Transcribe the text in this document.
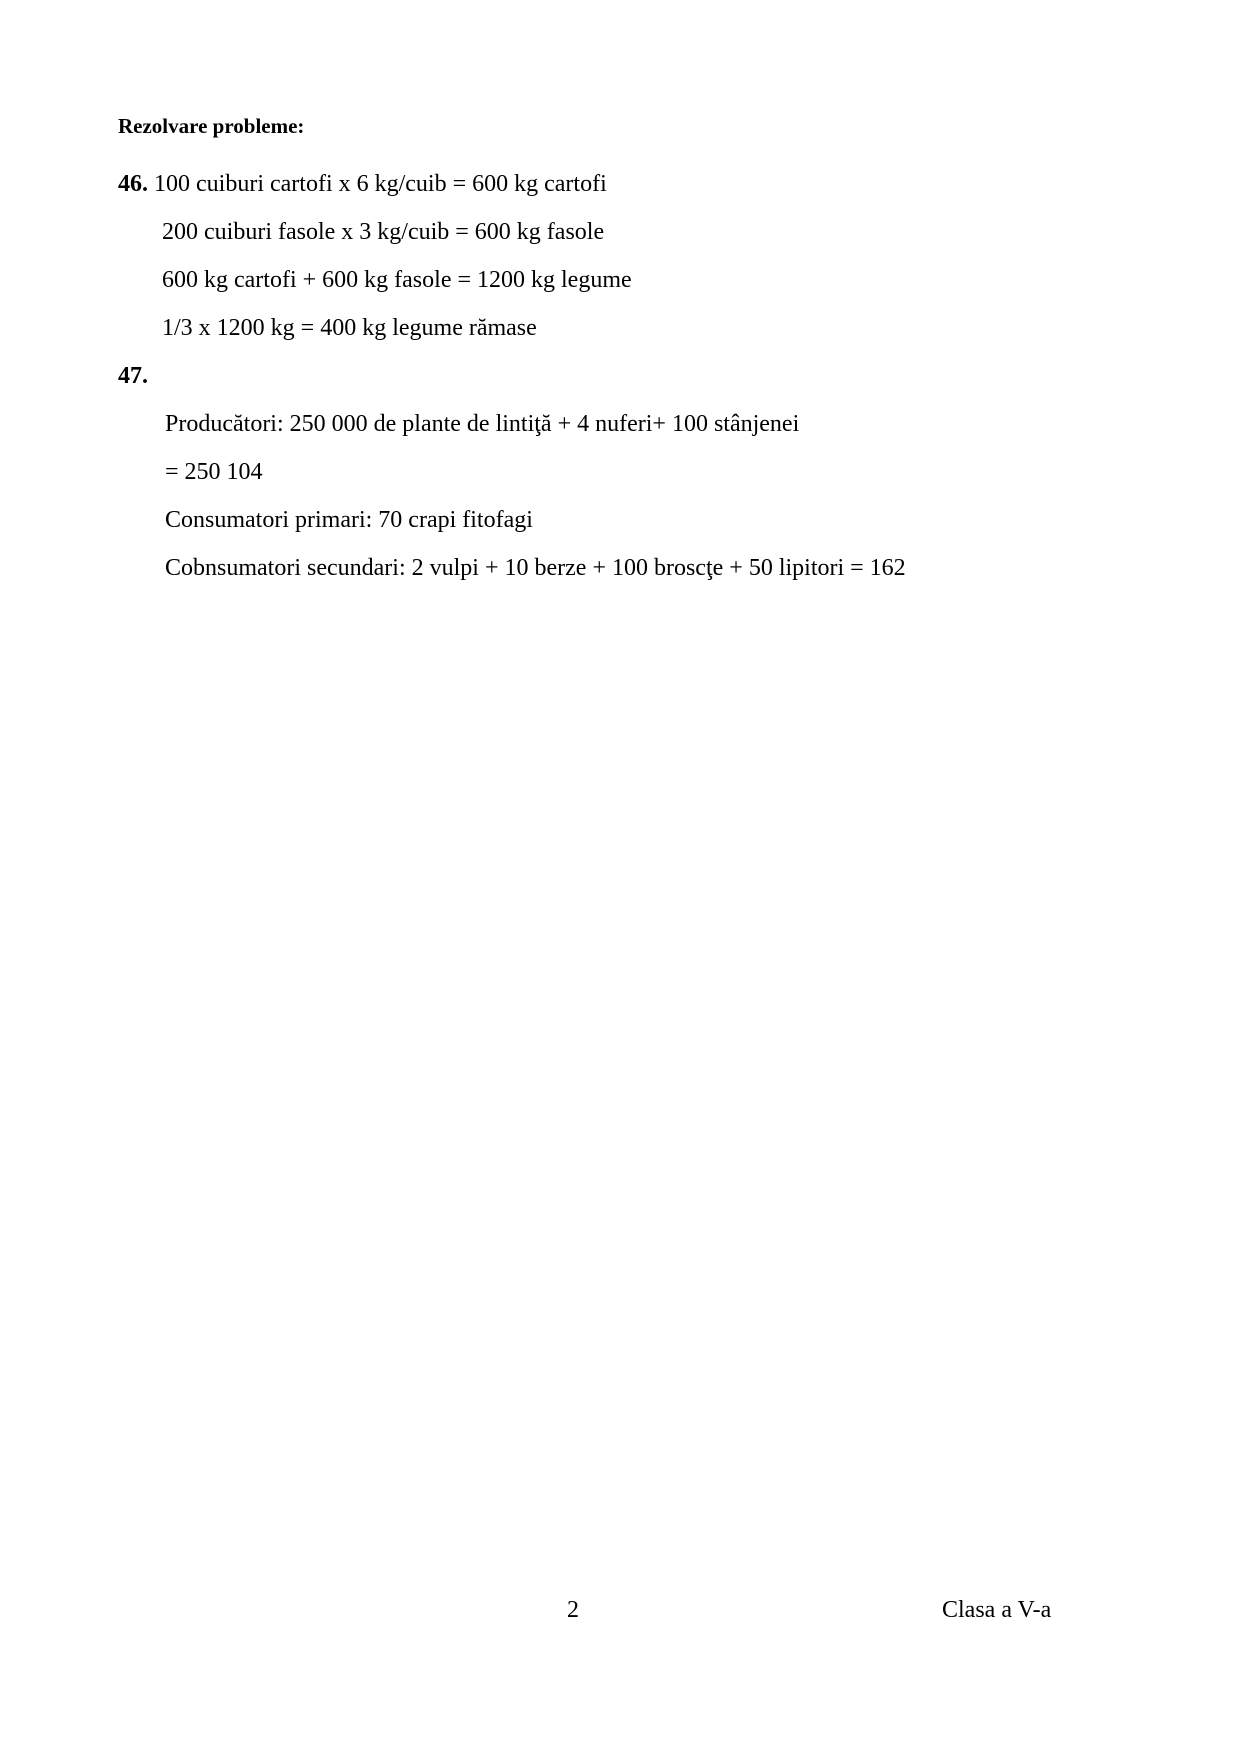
Rezolvare probleme:
46. 100 cuiburi cartofi x 6 kg/cuib = 600 kg cartofi
200 cuiburi fasole x 3 kg/cuib = 600 kg fasole
600 kg cartofi + 600 kg fasole = 1200 kg legume
1/3 x 1200 kg = 400 kg legume rămase
47.
Producători: 250 000 de plante de lintiţă + 4 nuferi+ 100 stânjenei
= 250 104
Consumatori primari: 70 crapi fitofagi
Cobnsumatori secundari: 2 vulpi + 10 berze + 100 broscţe + 50 lipitori = 162
2	Clasa a V-a
